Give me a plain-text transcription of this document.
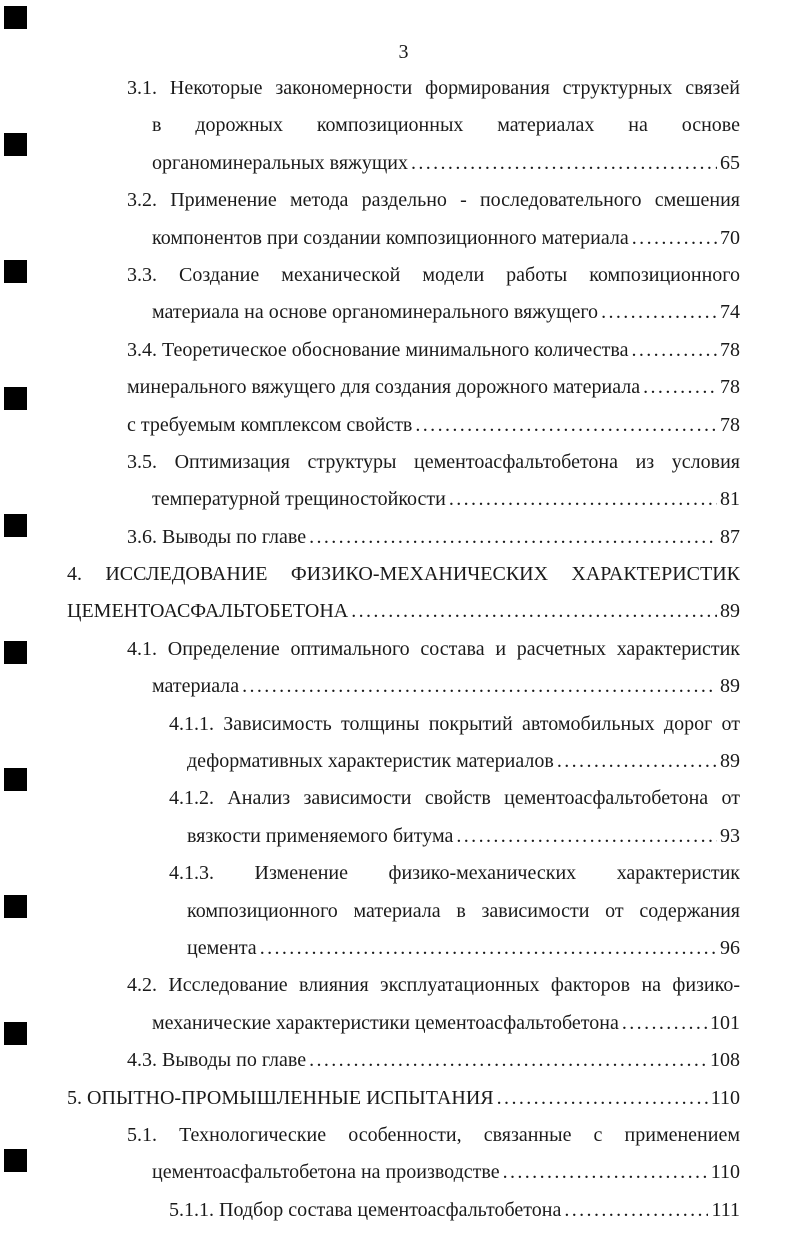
3
3.1. Некоторые закономерности формирования структурных связей
в дорожных композиционных материалах на основе
органоминеральных вяжущих .....	65
3.2. Применение метода раздельно - последовательного смешения
компонентов при создании композиционного материала .....	70
3.3. Создание механической модели работы композиционного
материала на основе органоминерального вяжущего .....	74
3.4. Теоретическое обоснование минимального количества .....	78
минерального вяжущего для создания дорожного материала .....	78
с требуемым комплексом свойств .....	78
3.5. Оптимизация структуры цементоасфальтобетона из условия
температурной трещиностойкости .....	81
3.6. Выводы по главе .....	87
4. ИССЛЕДОВАНИЕ ФИЗИКО-МЕХАНИЧЕСКИХ ХАРАКТЕРИСТИК
ЦЕМЕНТОАСФАЛЬТОБЕТОНА .....	89
4.1. Определение оптимального состава и расчетных характеристик
материала .....	89
4.1.1. Зависимость толщины покрытий автомобильных дорог от
деформативных характеристик материалов .....	89
4.1.2. Анализ зависимости свойств цементоасфальтобетона от
вязкости применяемого битума .....	93
4.1.3. Изменение физико-механических характеристик
композиционного материала в зависимости от содержания
цемента .....	96
4.2. Исследование влияния эксплуатационных факторов на физико-
механические характеристики цементоасфальтобетона .....	101
4.3. Выводы по главе .....	108
5. ОПЫТНО-ПРОМЫШЛЕННЫЕ ИСПЫТАНИЯ .....	110
5.1. Технологические особенности, связанные с применением
цементоасфальтобетона на производстве .....	110
5.1.1. Подбор состава цементоасфальтобетона .....	111
